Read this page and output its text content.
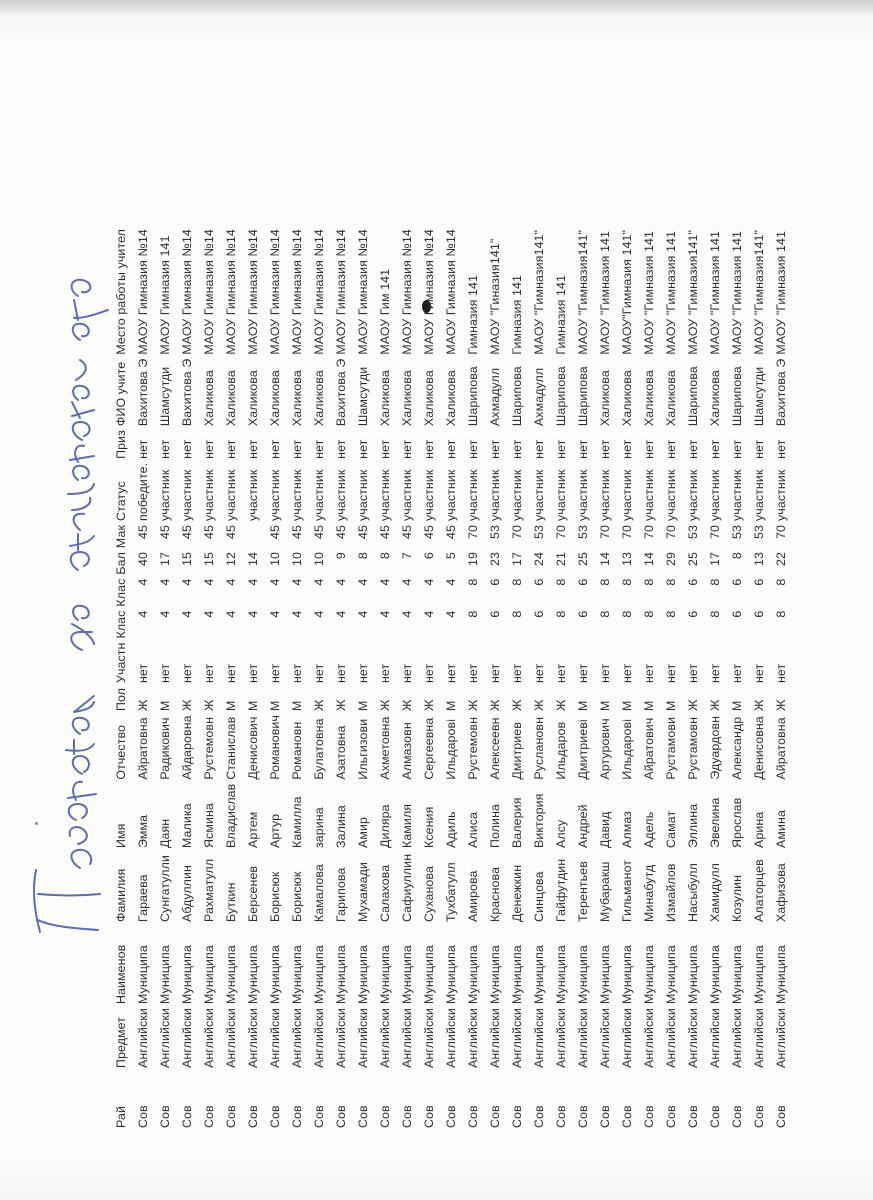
Рай	Предмет	Наименов	Фамилия	Имя	Отчество	Пол	Участн	Клас	Клас	Бал	Мак	Статус	Приз	ФИО учите	Место работы учител
Сов	Английски	Муниципа	Гараева	Эмма	Айратовна	Ж	нет	4	4	40	45	победите.	нет	Вахитова Э	МАОУ Гимназия №14
Сов	Английски	Муниципа	Сунгатулли	Даян	Радикович	М	нет	4	4	17	45	участник	нет	Шамсутди	МАОУ Гимназия 141
Сов	Английски	Муниципа	Абдуллин	Малика	Айдаровна	Ж	нет	4	4	15	45	участник	нет	Вахитова Э	МАОУ Гимназия №14
Сов	Английски	Муниципа	Рахматулл	Ясмина	Рустемовн	Ж	нет	4	4	15	45	участник	нет	Халикова	МАОУ Гимназия №14
Сов	Английски	Муниципа	Буткин	Владислав	Станислав	М	нет	4	4	12	45	участник	нет	Халикова	МАОУ Гимназия №14
Сов	Английски	Муниципа	Берсенев	Артем	Денисович	М	нет	4	4	14		участник	нет	Халикова	МАОУ Гимназия №14
Сов	Английски	Муниципа	Борисюк	Артур	Романович	М	нет	4	4	10	45	участник	нет	Халикова	МАОУ Гимназия №14
Сов	Английски	Муниципа	Борисюк	Камилла	Романовн	М	нет	4	4	10	45	участник	нет	Халикова	МАОУ Гимназия №14
Сов	Английски	Муниципа	Камалова	зарина	Булатовна	Ж	нет	4	4	10	45	участник	нет	Халикова	МАОУ Гимназия №14
Сов	Английски	Муниципа	Гарипова	Залина	Азатовна	Ж	нет	4	4	9	45	участник	нет	Вахитова Э	МАОУ Гимназия №14
Сов	Английски	Муниципа	Мухамади	Амир	Ильгизови	М	нет	4	4	8	45	участник	нет	Шамсутди	МАОУ Гимназия №14
Сов	Английски	Муниципа	Салахова	Диляра	Ахметовна	Ж	нет	4	4	8	45	участник	нет	Халикова	МАОУ Гим 141
Сов	Английски	Муниципа	Сафиуллин	Камиля	Алмазовн	Ж	нет	4	4	7	45	участник	нет	Халикова	МАОУ Гимназия №14
Сов	Английски	Муниципа	Суханова	Ксения	Сергеевна	Ж	нет	4	4	6	45	участник	нет	Халикова	МАОУ Гимназия №14
Сов	Английски	Муниципа	Тухбатулл	Адиль	Ильдарові	М	нет	4	4	5	45	участник	нет	Халикова	МАОУ Гимназия №14
Сов	Английски	Муниципа	Амирова	Алиса	Рустемовн	Ж	нет	8	8	19	70	участник	нет	Шарипова	Гимназия 141
Сов	Английски	Муниципа	Краснова	Полина	Алексеевн	Ж	нет	6	6	23	53	участник	нет	Ахмадулл	МАОУ "Гиназия141"
Сов	Английски	Муниципа	Денежкин	Валерия	Дмитриев	Ж	нет	8	8	17	70	участник	нет	Шарипова	Гимназия 141
Сов	Английски	Муниципа	Синцова	Виктория	Руслановн	Ж	нет	6	6	24	53	участник	нет	Ахмадулл	МАОУ "Гимназия141"
Сов	Английски	Муниципа	Гайфутдин	Алсу	Ильдаров	Ж	нет	8	8	21	70	участник	нет	Шарипова	Гимназия 141
Сов	Английски	Муниципа	Терентьев	Андрей	Дмитриеві	М	нет	6	6	25	53	участник	нет	Шарипова	МАОУ "Гимназия141"
Сов	Английски	Муниципа	Мубаракш	Давид	Артурович	М	нет	8	8	14	70	участник	нет	Халикова	МАОУ "Гимназия 141
Сов	Английски	Муниципа	Гильманот	Алмаз	Ильдарові	М	нет	8	8	13	70	участник	нет	Халикова	МАОУ"Гимназия 141"
Сов	Английски	Муниципа	Минабутд	Адель	Айратович	М	нет	8	8	14	70	участник	нет	Халикова	МАОУ "Гимназия 141
Сов	Английски	Муниципа	Измайлов	Самат	Рустамови	М	нет	8	8	29	70	участник	нет	Халикова	МАОУ "Гимназия 141
Сов	Английски	Муниципа	Насыбулл	Эллина	Рустамовн	Ж	нет	6	6	25	53	участник	нет	Шарипова	МАОУ "Гимназия141"
Сов	Английски	Муниципа	Хамидулл	Эвелина	Эдуардовн	Ж	нет	8	8	17	70	участник	нет	Халикова	МАОУ "Гимназия 141
Сов	Английски	Муниципа	Козулин	Ярослав	Александр	М	нет	6	6	8	53	участник	нет	Шарипова	МАОУ "Гимназия 141
Сов	Английски	Муниципа	Алаторцев	Арина	Денисовна	Ж	нет	6	6	13	53	участник	нет	Шамсутди	МАОУ "Гимназия141"
Сов	Английски	Муниципа	Хафизова	Амина	Айратовна	Ж	нет	8	8	22	70	участник	нет	Вахитова Э	МАОУ "Гимназия 141
